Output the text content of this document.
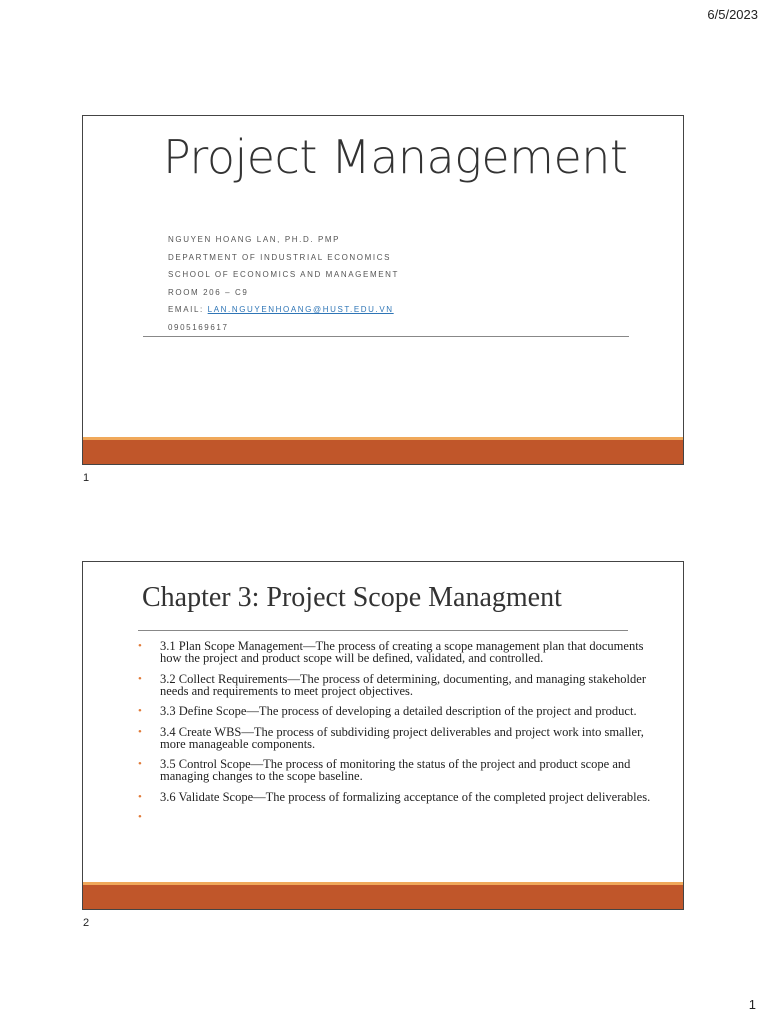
6/5/2023
Project Management
NGUYEN HOANG LAN, PH.D. PMP
DEPARTMENT OF INDUSTRIAL ECONOMICS
SCHOOL OF ECONOMICS AND MANAGEMENT
ROOM 206 – C9
EMAIL: LAN.NGUYENHOANG@HUST.EDU.VN
0905169617
1
Chapter 3: Project Scope Managment
• 3.1 Plan Scope Management—The process of creating a scope management plan that documents how the project and product scope will be defined, validated, and controlled.
• 3.2 Collect Requirements—The process of determining, documenting, and managing stakeholder needs and requirements to meet project objectives.
• 3.3 Define Scope—The process of developing a detailed description of the project and product.
• 3.4 Create WBS—The process of subdividing project deliverables and project work into smaller, more manageable components.
• 3.5 Control Scope—The process of monitoring the status of the project and product scope and managing changes to the scope baseline.
• 3.6 Validate Scope—The process of formalizing acceptance of the completed project deliverables.
•
2
1
